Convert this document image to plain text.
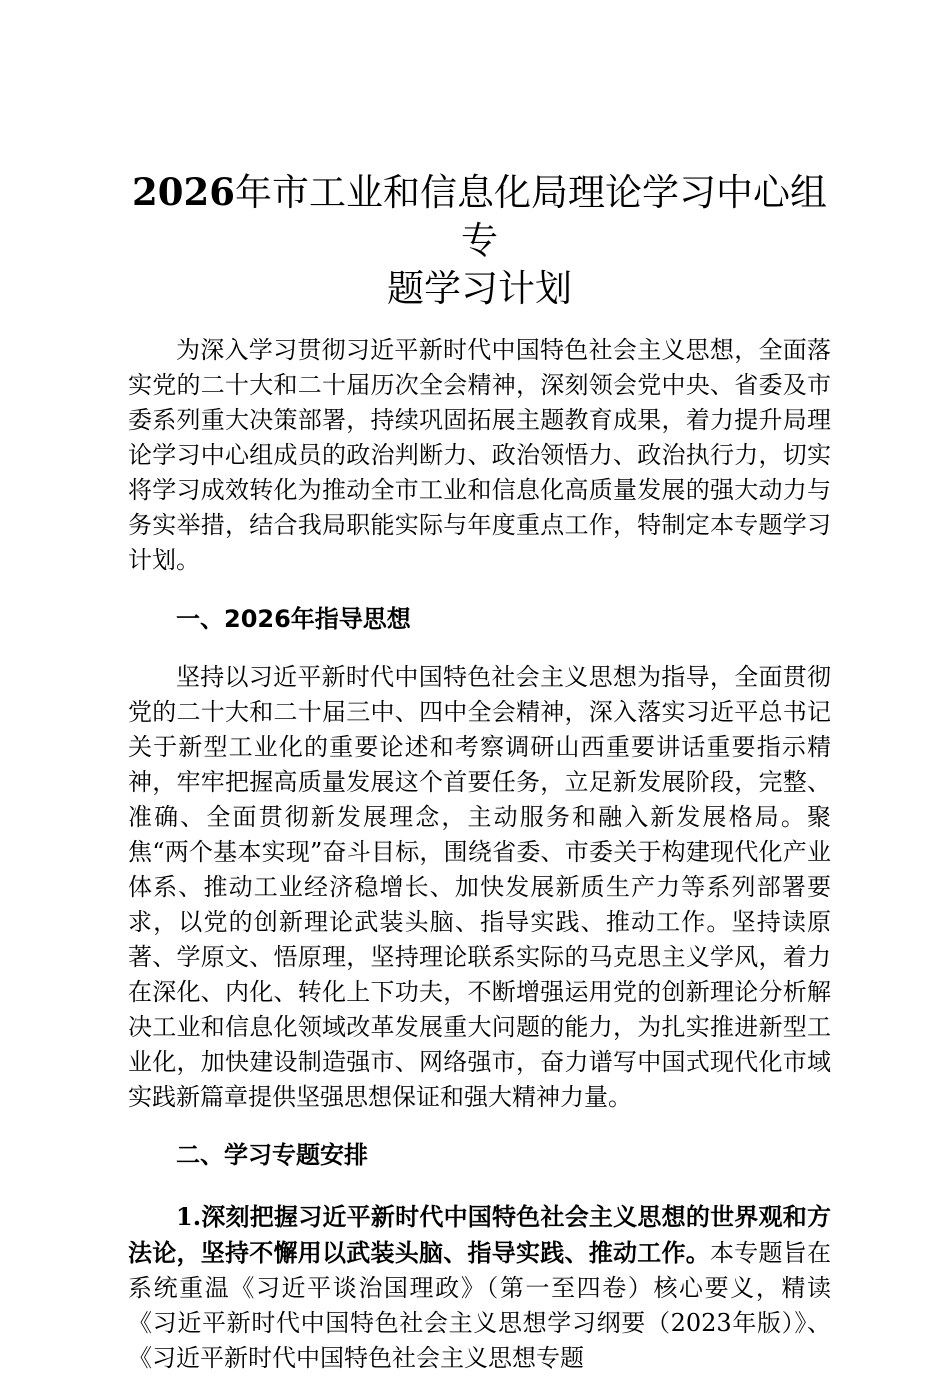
2026年市工业和信息化局理论学习中心组专
题学习计划

为深入学习贯彻习近平新时代中国特色社会主义思想，全面落实党的二十大和二十届历次全会精神，深刻领会党中央、省委及市委系列重大决策部署，持续巩固拓展主题教育成果，着力提升局理论学习中心组成员的政治判断力、政治领悟力、政治执行力，切实将学习成效转化为推动全市工业和信息化高质量发展的强大动力与务实举措，结合我局职能实际与年度重点工作，特制定本专题学习计划。

一、2026年指导思想

坚持以习近平新时代中国特色社会主义思想为指导，全面贯彻党的二十大和二十届三中、四中全会精神，深入落实习近平总书记关于新型工业化的重要论述和考察调研山西重要讲话重要指示精神，牢牢把握高质量发展这个首要任务，立足新发展阶段，完整、准确、全面贯彻新发展理念，主动服务和融入新发展格局。聚焦“两个基本实现”奋斗目标，围绕省委、市委关于构建现代化产业体系、推动工业经济稳增长、加快发展新质生产力等系列部署要求，以党的创新理论武装头脑、指导实践、推动工作。坚持读原著、学原文、悟原理，坚持理论联系实际的马克思主义学风，着力在深化、内化、转化上下功夫，不断增强运用党的创新理论分析解决工业和信息化领域改革发展重大问题的能力，为扎实推进新型工业化，加快建设制造强市、网络强市，奋力谱写中国式现代化市域实践新篇章提供坚强思想保证和强大精神力量。

二、学习专题安排

1.深刻把握习近平新时代中国特色社会主义思想的世界观和方法论，坚持不懈用以武装头脑、指导实践、推动工作。本专题旨在系统重温《习近平谈治国理政》（第一至四卷）核心要义，精读《习近平新时代中国特色社会主义思想学习纲要（2023年版）》、《习近平新时代中国特色社会主义思想专题
